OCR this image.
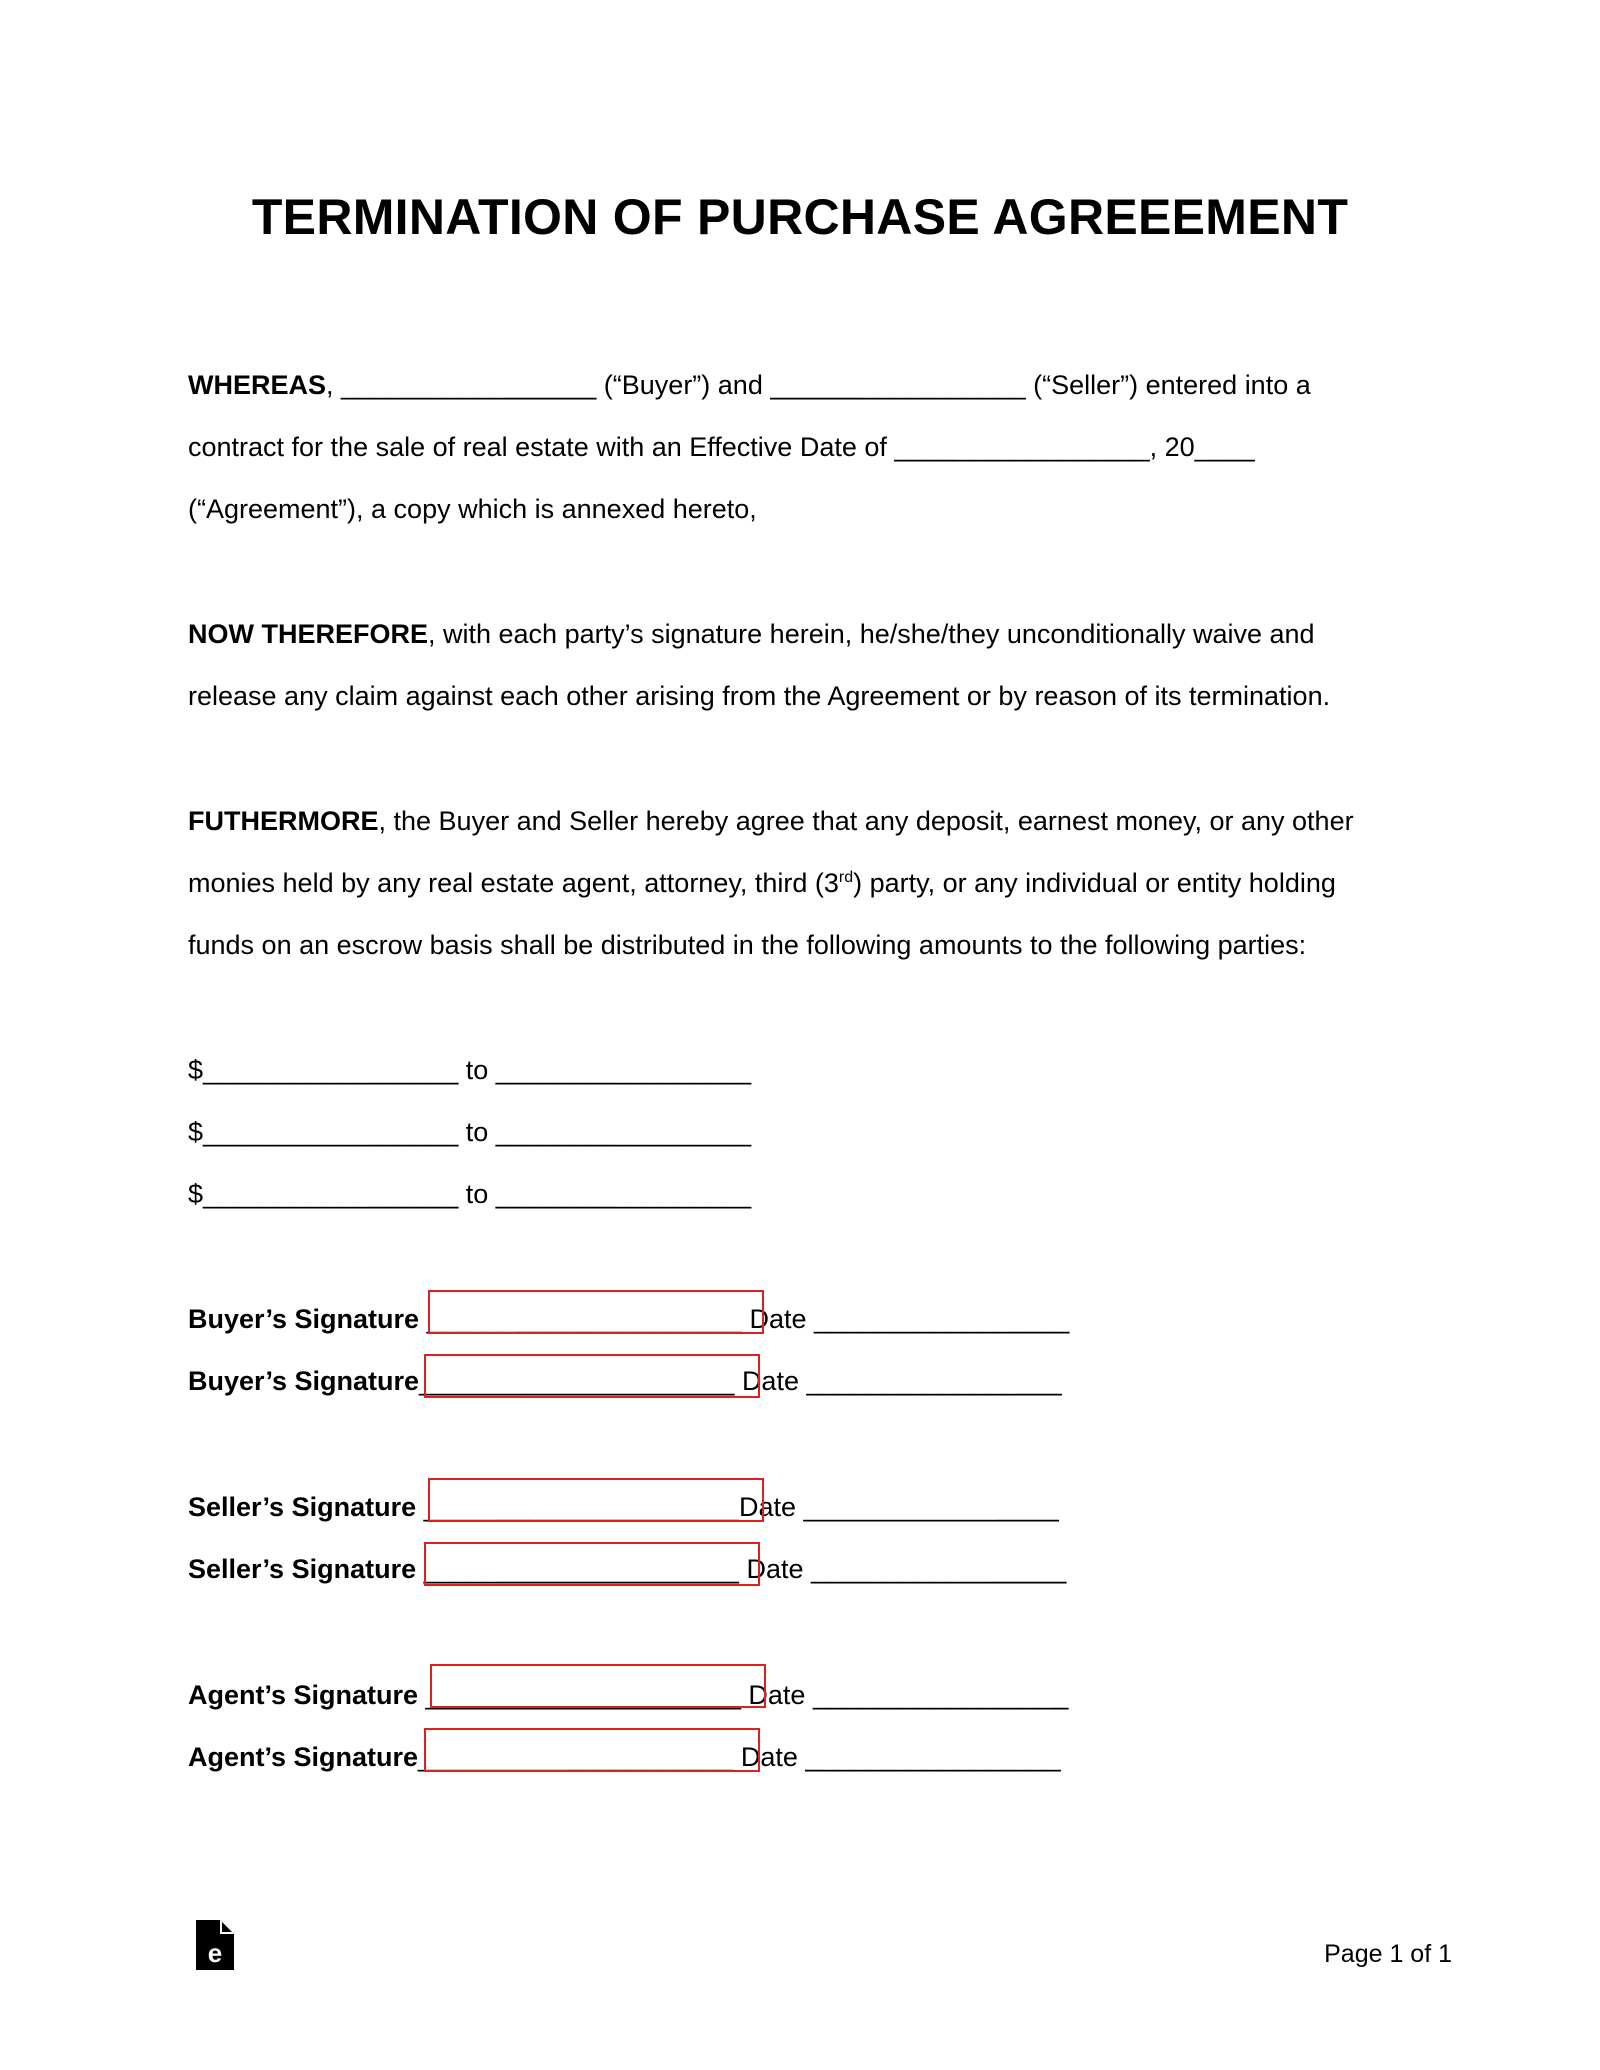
TERMINATION OF PURCHASE AGREEEMENT
WHEREAS, _________________ (“Buyer”) and _________________ (“Seller”) entered into a
contract for the sale of real estate with an Effective Date of _________________, 20____
(“Agreement”), a copy which is annexed hereto,
NOW THEREFORE, with each party’s signature herein, he/she/they unconditionally waive and
release any claim against each other arising from the Agreement or by reason of its termination.
FUTHERMORE, the Buyer and Seller hereby agree that any deposit, earnest money, or any other
monies held by any real estate agent, attorney, third (3rd) party, or any individual or entity holding
funds on an escrow basis shall be distributed in the following amounts to the following parties:
$_________________ to _________________
$_________________ to _________________
$_________________ to _________________
Buyer’s Signature _____________________ Date _________________
Buyer’s Signature_____________________ Date _________________
Seller’s Signature _____________________Date _________________
Seller’s Signature _____________________ Date _________________
Agent’s Signature _____________________ Date _________________
Agent’s Signature_____________________ Date _________________
e	Page 1 of 1
